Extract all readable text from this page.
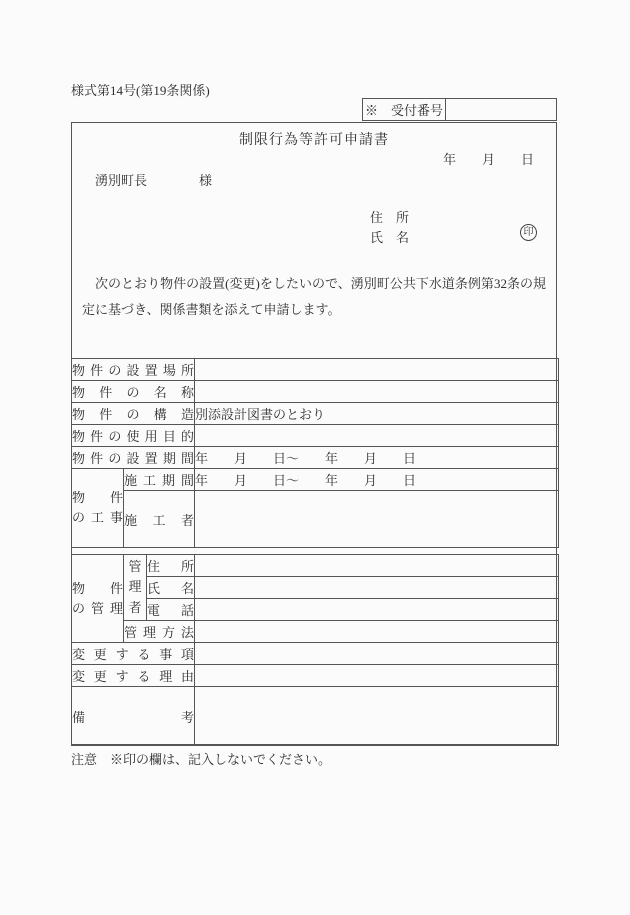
様式第14号(第19条関係)
※　受付番号
制限行為等許可申請書
年　　月　　日
湧別町長　　　　様
住　所
氏　名	印
　次のとおり物件の設置(変更)をしたいので、湧別町公共下水道条例第32条の規定に基づき、関係書類を添えて申請します。
物件の設置場所			

物件の名称			

物件の構造			別添設計図書のとおり

物件の使用目的			

物件の設置期間			年　　月　　日～　　年　　月　　日

物件
の工事	施工期間		年　　月　　日～　　年　　月　　日

	施工者		

物件
の管理	管理者	住所	

		氏名	

		電話	

	管理方法		

変更する事項			

変更する理由			

備考			

注意　※印の欄は、記入しないでください。
